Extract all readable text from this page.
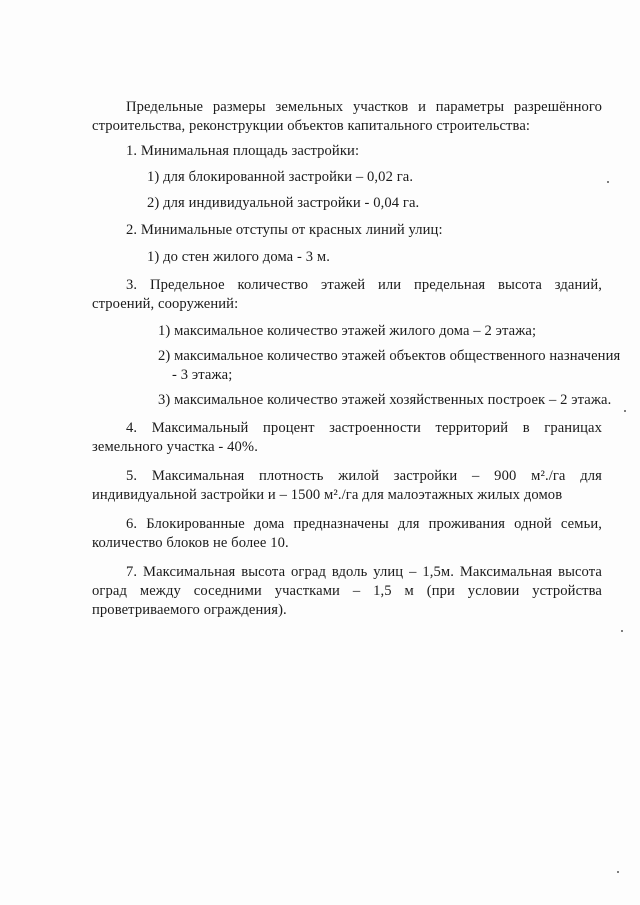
Предельные размеры земельных участков и параметры разрешённого строительства, реконструкции объектов капитального строительства:

1. Минимальная площадь застройки:

1) для блокированной застройки – 0,02 га.

2) для индивидуальной застройки - 0,04 га.

2. Минимальные отступы от красных линий улиц:

1) до стен жилого дома - 3 м.

3. Предельное количество этажей или предельная высота зданий, строений, сооружений:

1) максимальное количество этажей жилого дома – 2 этажа;

2) максимальное количество этажей объектов общественного назначения

- 3 этажа;

3) максимальное количество этажей хозяйственных построек – 2 этажа.

4. Максимальный процент застроенности территорий в границах земельного участка - 40%.

5. Максимальная плотность жилой застройки – 900 м²./га для индивидуальной застройки и – 1500 м²./га для малоэтажных жилых домов

6. Блокированные дома предназначены для проживания одной семьи, количество блоков не более 10.

7. Максимальная высота оград вдоль улиц – 1,5м. Максимальная высота оград между соседними участками – 1,5 м (при условии устройства проветриваемого ограждения).
